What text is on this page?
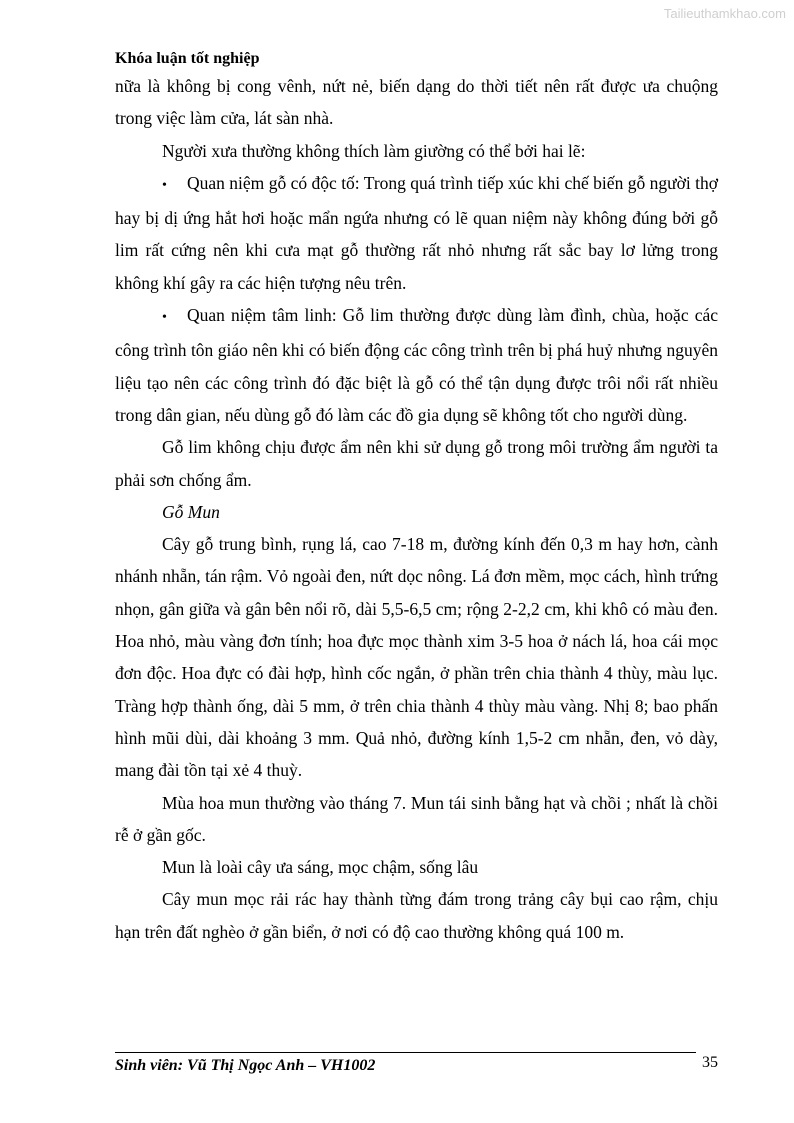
Tailieuthamkhao.com
Khóa luận tốt nghiệp

nữa là không bị cong vênh, nứt nẻ, biến dạng do thời tiết nên rất được ưa chuộng trong việc làm cửa, lát sàn nhà.

Người xưa thường không thích làm giường có thể bởi hai lẽ:

• Quan niệm gỗ có độc tố: Trong quá trình tiếp xúc khi chế biến gỗ người thợ hay bị dị ứng hắt hơi hoặc mẩn ngứa nhưng có lẽ quan niệm này không đúng bởi gỗ lim rất cứng nên khi cưa mạt gỗ thường rất nhỏ nhưng rất sắc bay lơ lửng trong không khí gây ra các hiện tượng nêu trên.

• Quan niệm tâm linh: Gỗ lim thường được dùng làm đình, chùa, hoặc các công trình tôn giáo nên khi có biến động các công trình trên bị phá huỷ nhưng nguyên liệu tạo nên các công trình đó đặc biệt là gỗ có thể tận dụng được trôi nổi rất nhiều trong dân gian, nếu dùng gỗ đó làm các đồ gia dụng sẽ không tốt cho người dùng.

Gỗ lim không chịu được ẩm nên khi sử dụng gỗ trong môi trường ẩm người ta phải sơn chống ẩm.

Gỗ Mun

Cây gỗ trung bình, rụng lá, cao 7-18 m, đường kính đến 0,3 m hay hơn, cành nhánh nhẵn, tán rậm. Vỏ ngoài đen, nứt dọc nông. Lá đơn mềm, mọc cách, hình trứng nhọn, gân giữa và gân bên nổi rõ, dài 5,5-6,5 cm; rộng 2-2,2 cm, khi khô có màu đen. Hoa nhỏ, màu vàng đơn tính; hoa đực mọc thành xim 3-5 hoa ở nách lá, hoa cái mọc đơn độc. Hoa đực có đài hợp, hình cốc ngắn, ở phần trên chia thành 4 thùy, màu lục. Tràng hợp thành ống, dài 5 mm, ở trên chia thành 4 thùy màu vàng. Nhị 8; bao phấn hình mũi dùi, dài khoảng 3 mm. Quả nhỏ, đường kính 1,5-2 cm nhẵn, đen, vỏ dày, mang đài tồn tại xẻ 4 thuỳ.

Mùa hoa mun thường vào tháng 7. Mun tái sinh bằng hạt và chồi ; nhất là chồi rễ ở gần gốc.

Mun là loài cây ưa sáng, mọc chậm, sống lâu

Cây mun mọc rải rác hay thành từng đám trong trảng cây bụi cao rậm, chịu hạn trên đất nghèo ở gần biển, ở nơi có độ cao thường không quá 100 m.

Sinh viên: Vũ Thị Ngọc Anh – VH1002	35
